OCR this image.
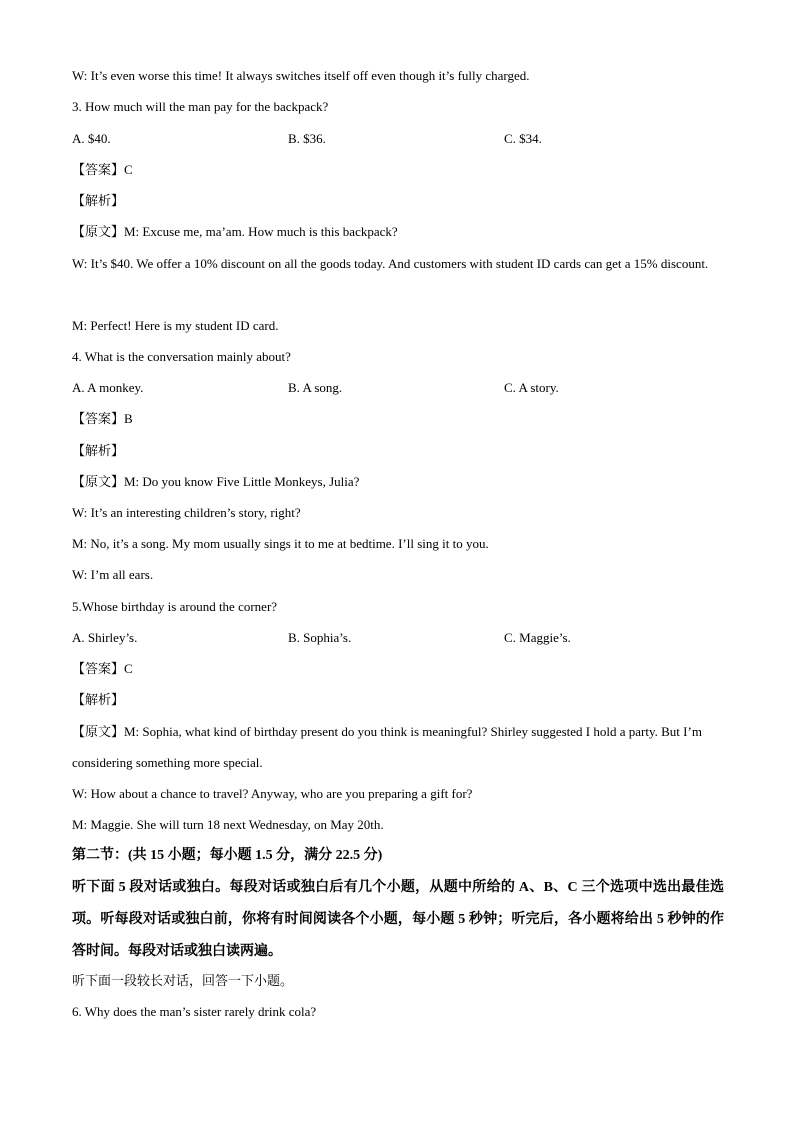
W: It’s even worse this time! It always switches itself off even though it’s fully charged.
3. How much will the man pay for the backpack?
A. $40.	B. $36.	C. $34.
【答案】C
【解析】
【原文】M: Excuse me, ma’am. How much is this backpack?
W: It’s $40. We offer a 10% discount on all the goods today. And customers with student ID cards can get a 15% discount.
M: Perfect! Here is my student ID card.
4. What is the conversation mainly about?
A. A monkey.	B. A song.	C. A story.
【答案】B
【解析】
【原文】M: Do you know Five Little Monkeys, Julia?
W: It’s an interesting children’s story, right?
M: No, it’s a song. My mom usually sings it to me at bedtime. I’ll sing it to you.
W: I’m all ears.
5.Whose birthday is around the corner?
A. Shirley’s.	B. Sophia’s.	C. Maggie’s.
【答案】C
【解析】
【原文】M: Sophia, what kind of birthday present do you think is meaningful? Shirley suggested I hold a party. But I’m considering something more special.
W: How about a chance to travel? Anyway, who are you preparing a gift for?
M: Maggie. She will turn 18 next Wednesday, on May 20th.
第二节：(共 15 小题；每小题 1.5 分，满分 22.5 分)
听下面 5 段对话或独白。每段对话或独白后有几个小题，从题中所给的 A、B、C 三个选项中选出最佳选项。听每段对话或独白前，你将有时间阅读各个小题，每小题 5 秒钟；听完后，各小题将给出 5 秒钟的作答时间。每段对话或独白读两遍。
听下面一段较长对话，回答一下小题。
6. Why does the man’s sister rarely drink cola?
